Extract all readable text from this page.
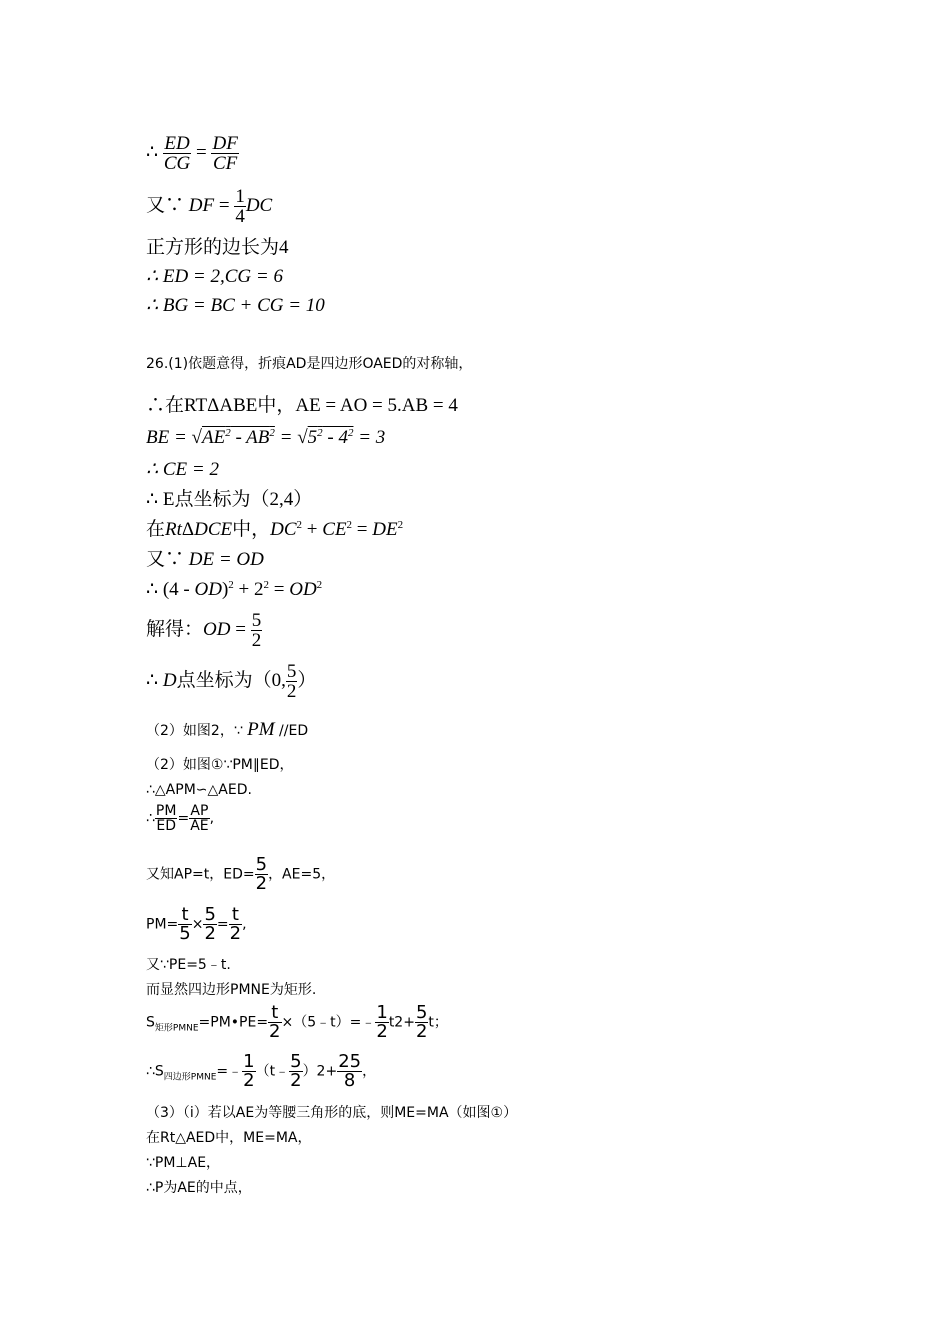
∴ $\frac{ED}{CG} = \frac{DF}{CF}$
又∵ DF = $\frac{1}{4}$ DC
正方形的边长为4
∴ ED = 2,CG = 6
∴ BG = BC + CG = 10
26.(1)依题意得，折痕AD是四边形OAED的对称轴，
∴在RTΔABE中，AE = AO = 5.AB = 4
BE = $√AE^2 - AB^2 = √5^2 - 4^2 = 3$
∴ CE = 2
∴ E点坐标为（2,4）
在RtΔDCE中，$DC^2 + CE^2 = DE^2$
又∵ DE = OD
∴ $(4 - OD)^2 + 2^2 = OD^2$
解得：OD = $\frac{5}{2}$
∴ D点坐标为（0, $\frac{5}{2}$ ）
（2）如图2，∵ PM //ED
（2）如图①∵PM∥ED，
∴△APM∽△AED.
∴ $\frac{PM}{ED} = \frac{AP}{AE}$ ,
又知AP=t，$ED= \frac{5}{2}$ ，AE=5，
$PM= \frac{t}{5} \times \frac{5}{2} = \frac{t}{2}$ ,
又∵PE=5﹣t.
而显然四边形PMNE为矩形.
$S_{矩形PMNE}=PM•PE= \frac{t}{2}$ ×（5﹣t）=﹣ $\frac{1}{2} t2+ \frac{5}{2}$ t；
$\therefore S_{四边形PMNE}=﹣ \frac{1}{2}$ （t﹣ $\frac{5}{2} )2+ \frac{25}{8}$ ，
（3）（i）若以AE为等腰三角形的底，则ME=MA（如图①）
在Rt△AED中，ME=MA，
∵PM⊥AE，
∴P为AE的中点，
